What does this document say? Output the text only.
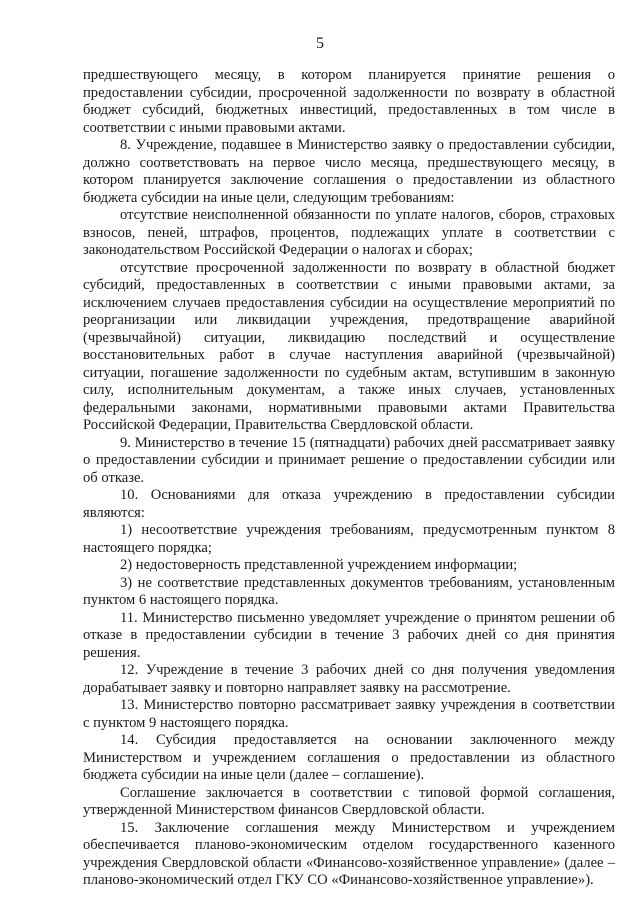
5

предшествующего месяцу, в котором планируется принятие решения о предоставлении субсидии, просроченной задолженности по возврату в областной бюджет субсидий, бюджетных инвестиций, предоставленных в том числе в соответствии с иными правовыми актами.

8. Учреждение, подавшее в Министерство заявку о предоставлении субсидии, должно соответствовать на первое число месяца, предшествующего месяцу, в котором планируется заключение соглашения о предоставлении из областного бюджета субсидии на иные цели, следующим требованиям:

отсутствие неисполненной обязанности по уплате налогов, сборов, страховых взносов, пеней, штрафов, процентов, подлежащих уплате в соответствии с законодательством Российской Федерации о налогах и сборах;

отсутствие просроченной задолженности по возврату в областной бюджет субсидий, предоставленных в соответствии с иными правовыми актами, за исключением случаев предоставления субсидии на осуществление мероприятий по реорганизации или ликвидации учреждения, предотвращение аварийной (чрезвычайной) ситуации, ликвидацию последствий и осуществление восстановительных работ в случае наступления аварийной (чрезвычайной) ситуации, погашение задолженности по судебным актам, вступившим в законную силу, исполнительным документам, а также иных случаев, установленных федеральными законами, нормативными правовыми актами Правительства Российской Федерации, Правительства Свердловской области.

9. Министерство в течение 15 (пятнадцати) рабочих дней рассматривает заявку о предоставлении субсидии и принимает решение о предоставлении субсидии или об отказе.

10. Основаниями для отказа учреждению в предоставлении субсидии являются:

1) несоответствие учреждения требованиям, предусмотренным пунктом 8 настоящего порядка;

2) недостоверность представленной учреждением информации;

3) не соответствие представленных документов требованиям, установленным пунктом 6 настоящего порядка.

11. Министерство письменно уведомляет учреждение о принятом решении об отказе в предоставлении субсидии в течение 3 рабочих дней со дня принятия решения.

12. Учреждение в течение 3 рабочих дней со дня получения уведомления дорабатывает заявку и повторно направляет заявку на рассмотрение.

13. Министерство повторно рассматривает заявку учреждения в соответствии с пунктом 9 настоящего порядка.

14. Субсидия предоставляется на основании заключенного между Министерством и учреждением соглашения о предоставлении из областного бюджета субсидии на иные цели (далее – соглашение).

Соглашение заключается в соответствии с типовой формой соглашения, утвержденной Министерством финансов Свердловской области.

15. Заключение соглашения между Министерством и учреждением обеспечивается планово-экономическим отделом государственного казенного учреждения Свердловской области «Финансово-хозяйственное управление» (далее – планово-экономический отдел ГКУ СО «Финансово-хозяйственное управление»).
